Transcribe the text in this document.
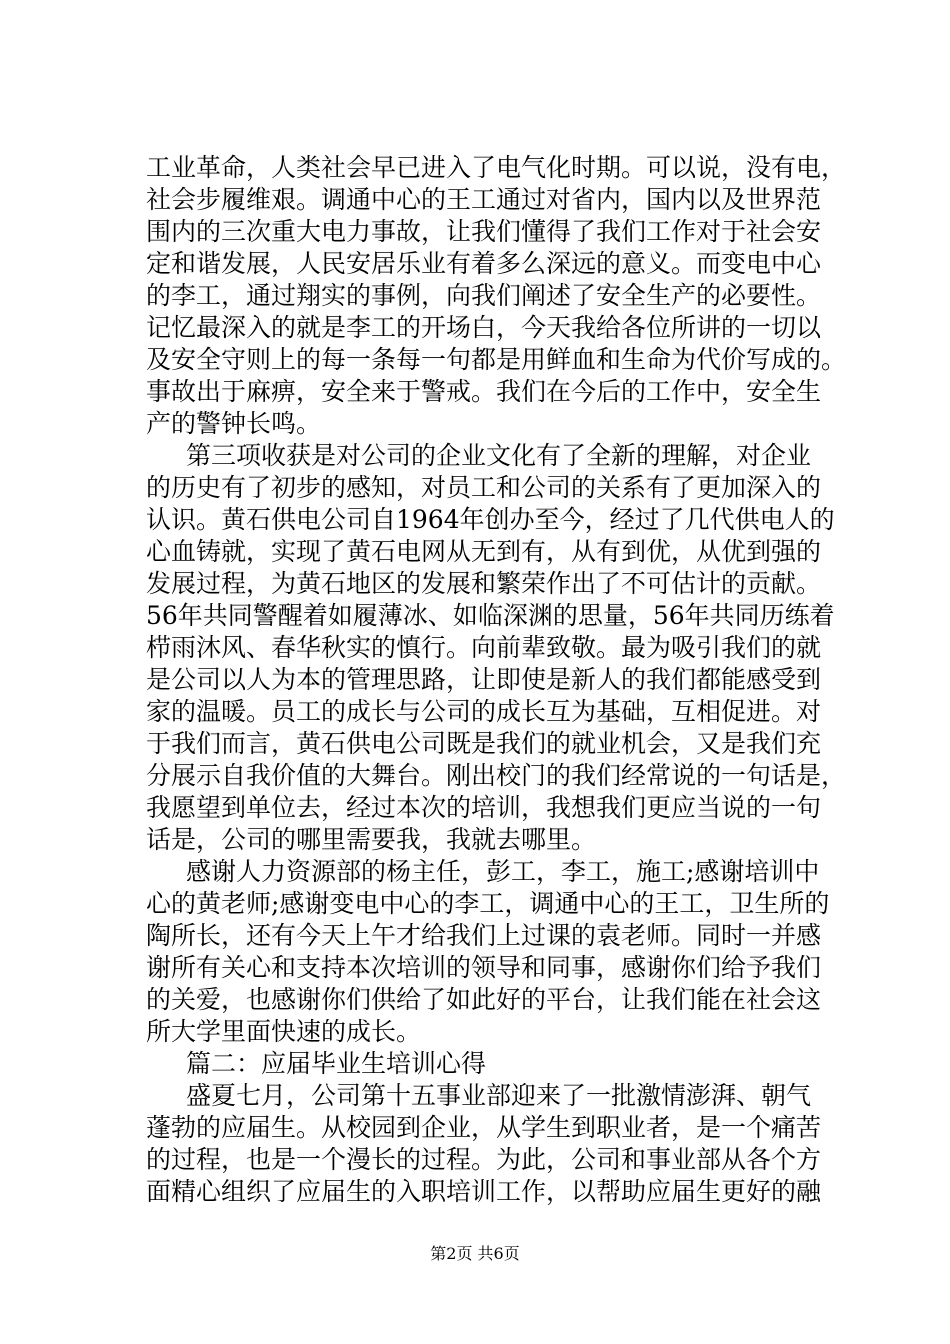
工业革命，人类社会早已进入了电气化时期。可以说，没有电，
社会步履维艰。调通中心的王工通过对省内，国内以及世界范
围内的三次重大电力事故，让我们懂得了我们工作对于社会安
定和谐发展，人民安居乐业有着多么深远的意义。而变电中心
的李工，通过翔实的事例，向我们阐述了安全生产的必要性。
记忆最深入的就是李工的开场白，今天我给各位所讲的一切以
及安全守则上的每一条每一句都是用鲜血和生命为代价写成的。
事故出于麻痹，安全来于警戒。我们在今后的工作中，安全生
产的警钟长鸣。
第三项收获是对公司的企业文化有了全新的理解，对企业
的历史有了初步的感知，对员工和公司的关系有了更加深入的
认识。黄石供电公司自1964年创办至今，经过了几代供电人的
心血铸就，实现了黄石电网从无到有，从有到优，从优到强的
发展过程，为黄石地区的发展和繁荣作出了不可估计的贡献。
56年共同警醒着如履薄冰、如临深渊的思量，56年共同历练着
栉雨沐风、春华秋实的慎行。向前辈致敬。最为吸引我们的就
是公司以人为本的管理思路，让即使是新人的我们都能感受到
家的温暖。员工的成长与公司的成长互为基础，互相促进。对
于我们而言，黄石供电公司既是我们的就业机会，又是我们充
分展示自我价值的大舞台。刚出校门的我们经常说的一句话是，
我愿望到单位去，经过本次的培训，我想我们更应当说的一句
话是，公司的哪里需要我，我就去哪里。
感谢人力资源部的杨主任，彭工，李工，施工;感谢培训中
心的黄老师;感谢变电中心的李工，调通中心的王工，卫生所的
陶所长，还有今天上午才给我们上过课的袁老师。同时一并感
谢所有关心和支持本次培训的领导和同事，感谢你们给予我们
的关爱，也感谢你们供给了如此好的平台，让我们能在社会这
所大学里面快速的成长。
篇二：应届毕业生培训心得
盛夏七月，公司第十五事业部迎来了一批激情澎湃、朝气
蓬勃的应届生。从校园到企业，从学生到职业者，是一个痛苦
的过程，也是一个漫长的过程。为此，公司和事业部从各个方
面精心组织了应届生的入职培训工作，以帮助应届生更好的融
第2页 共6页
